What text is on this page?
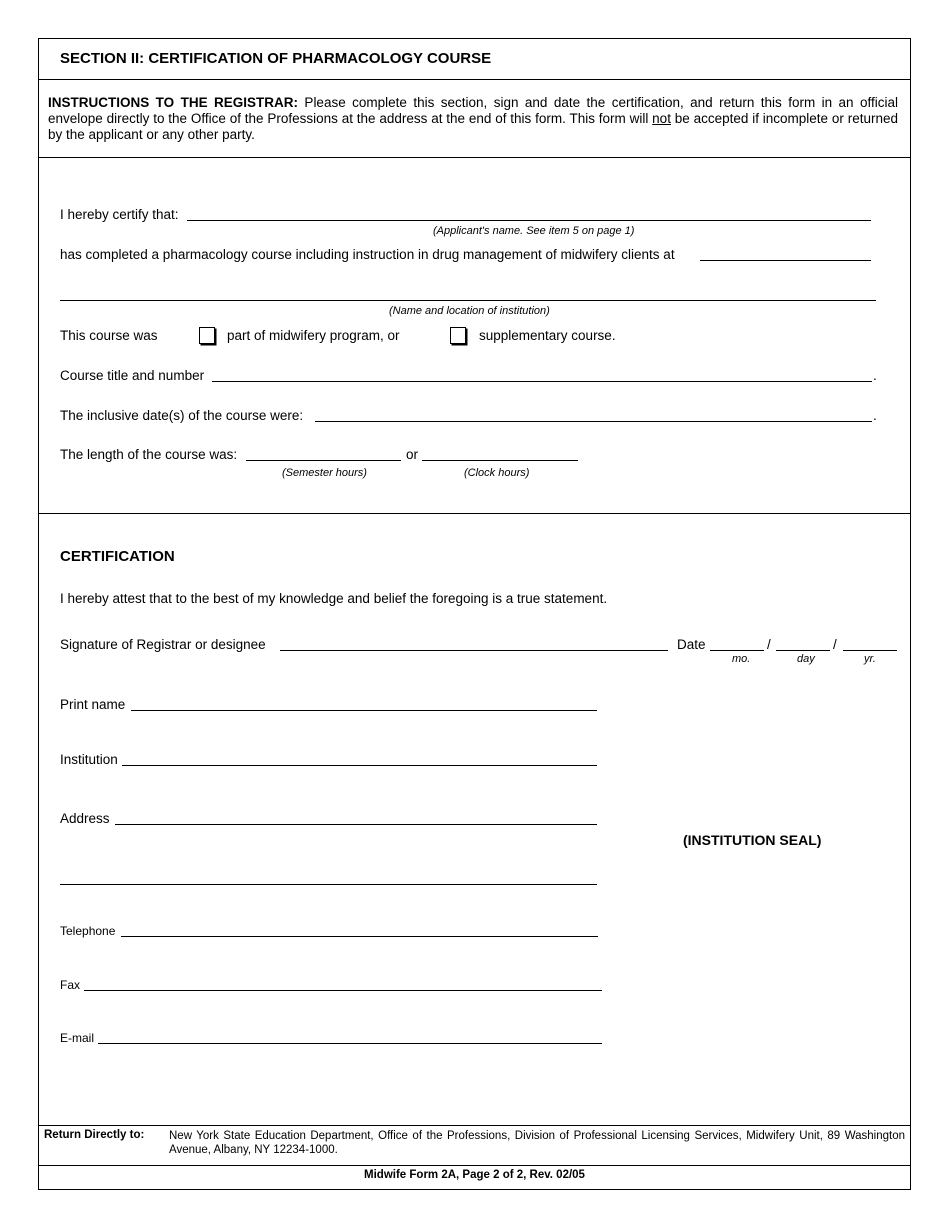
SECTION II: CERTIFICATION OF PHARMACOLOGY COURSE
INSTRUCTIONS TO THE REGISTRAR: Please complete this section, sign and date the certification, and return this form in an official envelope directly to the Office of the Professions at the address at the end of this form. This form will not be accepted if incomplete or returned by the applicant or any other party.
I hereby certify that:
(Applicant's name. See item 5 on page 1)
has completed a pharmacology course including instruction in drug management of midwifery clients at
(Name and location of institution)
This course was	part of midwifery program, or	supplementary course.
Course title and number	.
The inclusive date(s) of the course were:	.
The length of the course was:	or
(Semester hours)	(Clock hours)
CERTIFICATION
I hereby attest that to the best of my knowledge and belief the foregoing is a true statement.
Signature of Registrar or designee	Date	/	/
mo.	day	yr.
Print name
Institution
Address
(INSTITUTION SEAL)
Telephone
Fax
E-mail
Return Directly to: New York State Education Department, Office of the Professions, Division of Professional Licensing Services, Midwifery Unit, 89 Washington Avenue, Albany, NY 12234-1000.
Midwife Form 2A, Page 2 of 2, Rev. 02/05
